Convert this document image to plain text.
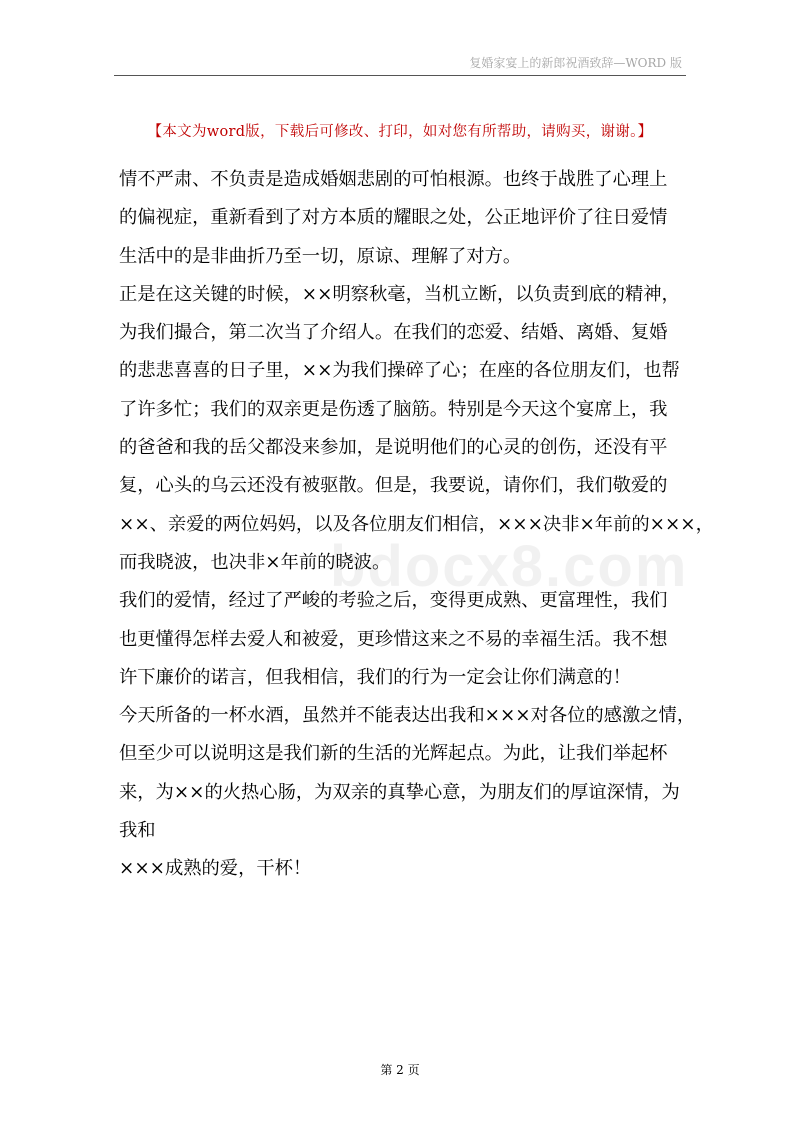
复婚家宴上的新郎祝酒致辞—WORD 版
【本文为word版，下载后可修改、打印，如对您有所帮助，请购买，谢谢。】
bdocx8.com
情不严肃、不负责是造成婚姻悲剧的可怕根源。也终于战胜了心理上
的偏视症，重新看到了对方本质的耀眼之处，公正地评价了往日爱情
生活中的是非曲折乃至一切，原谅、理解了对方。
正是在这关键的时候，××明察秋毫，当机立断，以负责到底的精神，
为我们撮合，第二次当了介绍人。在我们的恋爱、结婚、离婚、复婚
的悲悲喜喜的日子里，××为我们操碎了心；在座的各位朋友们，也帮
了许多忙；我们的双亲更是伤透了脑筋。特别是今天这个宴席上，我
的爸爸和我的岳父都没来参加，是说明他们的心灵的创伤，还没有平
复，心头的乌云还没有被驱散。但是，我要说，请你们，我们敬爱的
××、亲爱的两位妈妈，以及各位朋友们相信，×××决非×年前的×××，
而我晓波，也决非×年前的晓波。
我们的爱情，经过了严峻的考验之后，变得更成熟、更富理性，我们
也更懂得怎样去爱人和被爱，更珍惜这来之不易的幸福生活。我不想
许下廉价的诺言，但我相信，我们的行为一定会让你们满意的！
今天所备的一杯水酒，虽然并不能表达出我和×××对各位的感激之情，
但至少可以说明这是我们新的生活的光辉起点。为此，让我们举起杯
来，为××的火热心肠，为双亲的真挚心意，为朋友们的厚谊深情，为
我和
×××成熟的爱，干杯！
第 2 页
